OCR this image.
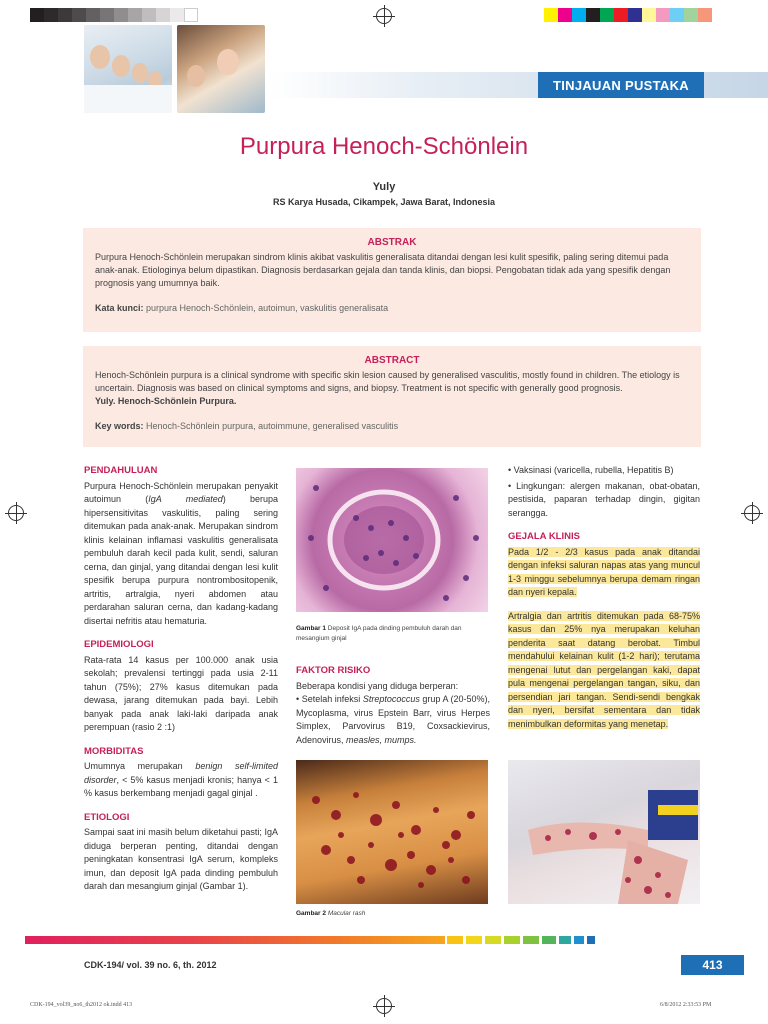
TINJAUAN PUSTAKA
Purpura Henoch-Schönlein
Yuly
RS Karya Husada, Cikampek, Jawa Barat, Indonesia
ABSTRAK

Purpura Henoch-Schönlein merupakan sindrom klinis akibat vaskulitis generalisata ditandai dengan lesi kulit spesifik, paling sering ditemui pada anak-anak. Etiologinya belum dipastikan. Diagnosis berdasarkan gejala dan tanda klinis, dan biopsi. Pengobatan tidak ada yang spesifik dengan prognosis yang umumnya baik.

Kata kunci: purpura Henoch-Schönlein, autoimun, vaskulitis generalisata

ABSTRACT

Henoch-Schönlein purpura is a clinical syndrome with specific skin lesion caused by generalised vasculitis, mostly found in children. The etiology is uncertain. Diagnosis was based on clinical symptoms and signs, and biopsy. Treatment is not specific with generally good prognosis.

Yuly. Henoch-Schönlein Purpura.

Key words: Henoch-Schönlein purpura, autoimmune, generalised vasculitis

PENDAHULUAN

Purpura Henoch-Schönlein merupakan penyakit autoimun (IgA mediated) berupa hipersensitivitas vaskulitis, paling sering ditemukan pada anak-anak. Merupakan sindrom klinis kelainan inflamasi vaskulitis generalisata pembuluh darah kecil pada kulit, sendi, saluran cerna, dan ginjal, yang ditandai dengan lesi kulit spesifik berupa purpura nontrombositopenik, artritis, artralgia, nyeri abdomen atau perdarahan saluran cerna, dan kadang-kadang disertai nefritis atau hematuria.

EPIDEMIOLOGI

Rata-rata 14 kasus per 100.000 anak usia sekolah; prevalensi tertinggi pada usia 2-11 tahun (75%); 27% kasus ditemukan pada dewasa, jarang ditemukan pada bayi. Lebih banyak pada anak laki-laki daripada anak perempuan (rasio 2 :1)

MORBIDITAS

Umumnya merupakan benign self-limited disorder, < 5% kasus menjadi kronis; hanya < 1 % kasus berkembang menjadi gagal ginjal .

ETIOLOGI

Sampai saat ini masih belum diketahui pasti; IgA diduga berperan penting, ditandai dengan peningkatan konsentrasi IgA serum, kompleks imun, dan deposit IgA pada dinding pembuluh darah dan mesangium ginjal (Gambar 1).

Gambar 1 Deposit IgA pada dinding pembuluh darah dan mesangium ginjal
FAKTOR RISIKO

Beberapa kondisi yang diduga berperan:

• Setelah infeksi Streptococcus grup A (20-50%), Mycoplasma, virus Epstein Barr, virus Herpes Simplex, Parvovirus B19, Coxsackievirus, Adenovirus, measles, mumps.

Gambar 2 Macular rash

• Vaksinasi (varicella, rubella, Hepatitis B)

• Lingkungan: alergen makanan, obat-obatan, pestisida, paparan terhadap dingin, gigitan serangga.

GEJALA KLINIS

Pada 1/2 - 2/3 kasus pada anak ditandai dengan infeksi saluran napas atas yang muncul 1-3 minggu sebelumnya berupa demam ringan dan nyeri kepala.

Artralgia dan artritis ditemukan pada 68-75% kasus dan 25% nya merupakan keluhan penderita saat datang berobat. Timbul mendahului kelainan kulit (1-2 hari); terutama mengenai lutut dan pergelangan kaki, dapat pula mengenai pergelangan tangan, siku, dan persendian jari tangan. Sendi-sendi bengkak dan nyeri, bersifat sementara dan tidak menimbulkan deformitas yang menetap.

CDK-194/ vol. 39 no. 6, th. 2012	413
CDK-194_vol39_no6_th2012 ok.indd 413	6/8/2012 2:33:53 PM
